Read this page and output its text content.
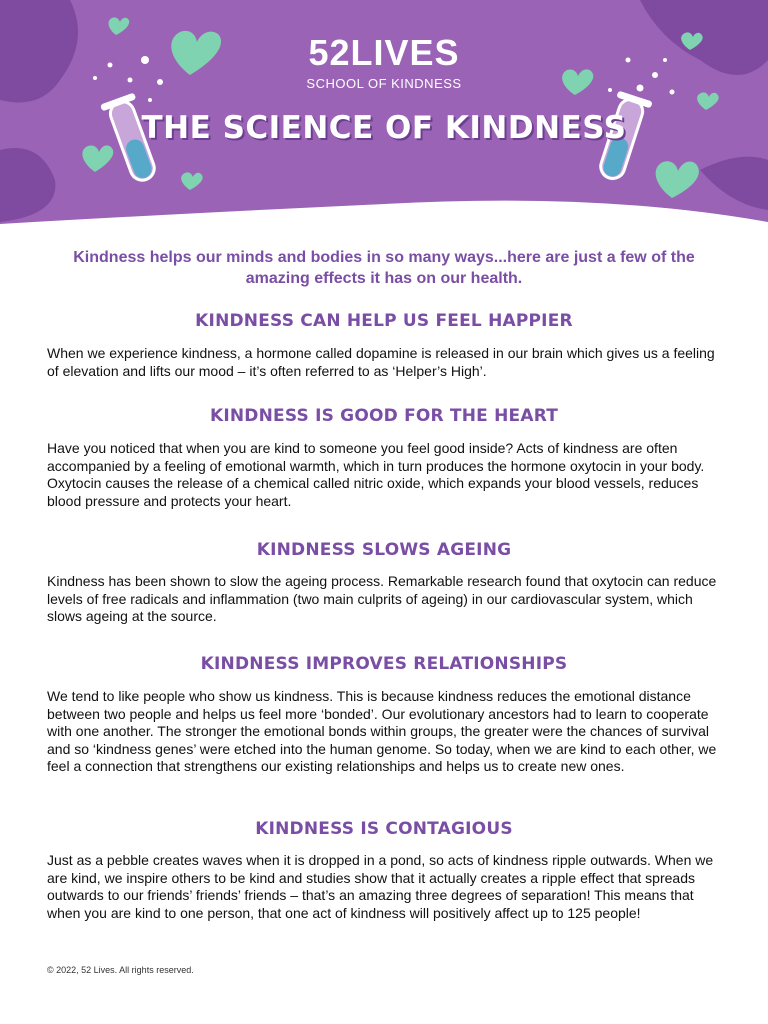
52LIVES
SCHOOL OF KINDNESS
THE SCIENCE OF KINDNESS
Kindness helps our minds and bodies in so many ways...here are just a few of the amazing effects it has on our health.
KINDNESS CAN HELP US FEEL HAPPIER

When we experience kindness, a hormone called dopamine is released in our brain which gives us a feeling of elevation and lifts our mood – it’s often referred to as ‘Helper’s High’.

KINDNESS IS GOOD FOR THE HEART

Have you noticed that when you are kind to someone you feel good inside? Acts of kindness are often accompanied by a feeling of emotional warmth, which in turn produces the hormone oxytocin in your body. Oxytocin causes the release of a chemical called nitric oxide, which expands your blood vessels, reduces blood pressure and protects your heart.

KINDNESS SLOWS AGEING

Kindness has been shown to slow the ageing process. Remarkable research found that oxytocin can reduce levels of free radicals and inflammation (two main culprits of ageing) in our cardiovascular system, which slows ageing at the source.

KINDNESS IMPROVES RELATIONSHIPS

We tend to like people who show us kindness. This is because kindness reduces the emotional distance between two people and helps us feel more ‘bonded’. Our evolutionary ancestors had to learn to cooperate with one another. The stronger the emotional bonds within groups, the greater were the chances of survival and so ‘kindness genes’ were etched into the human genome. So today, when we are kind to each other, we feel a connection that strengthens our existing relationships and helps us to create new ones.

KINDNESS IS CONTAGIOUS

Just as a pebble creates waves when it is dropped in a pond, so acts of kindness ripple outwards. When we are kind, we inspire others to be kind and studies show that it actually creates a ripple effect that spreads outwards to our friends’ friends’ friends – that’s an amazing three degrees of separation! This means that when you are kind to one person, that one act of kindness will positively affect up to 125 people!

© 2022, 52 Lives. All rights reserved.
